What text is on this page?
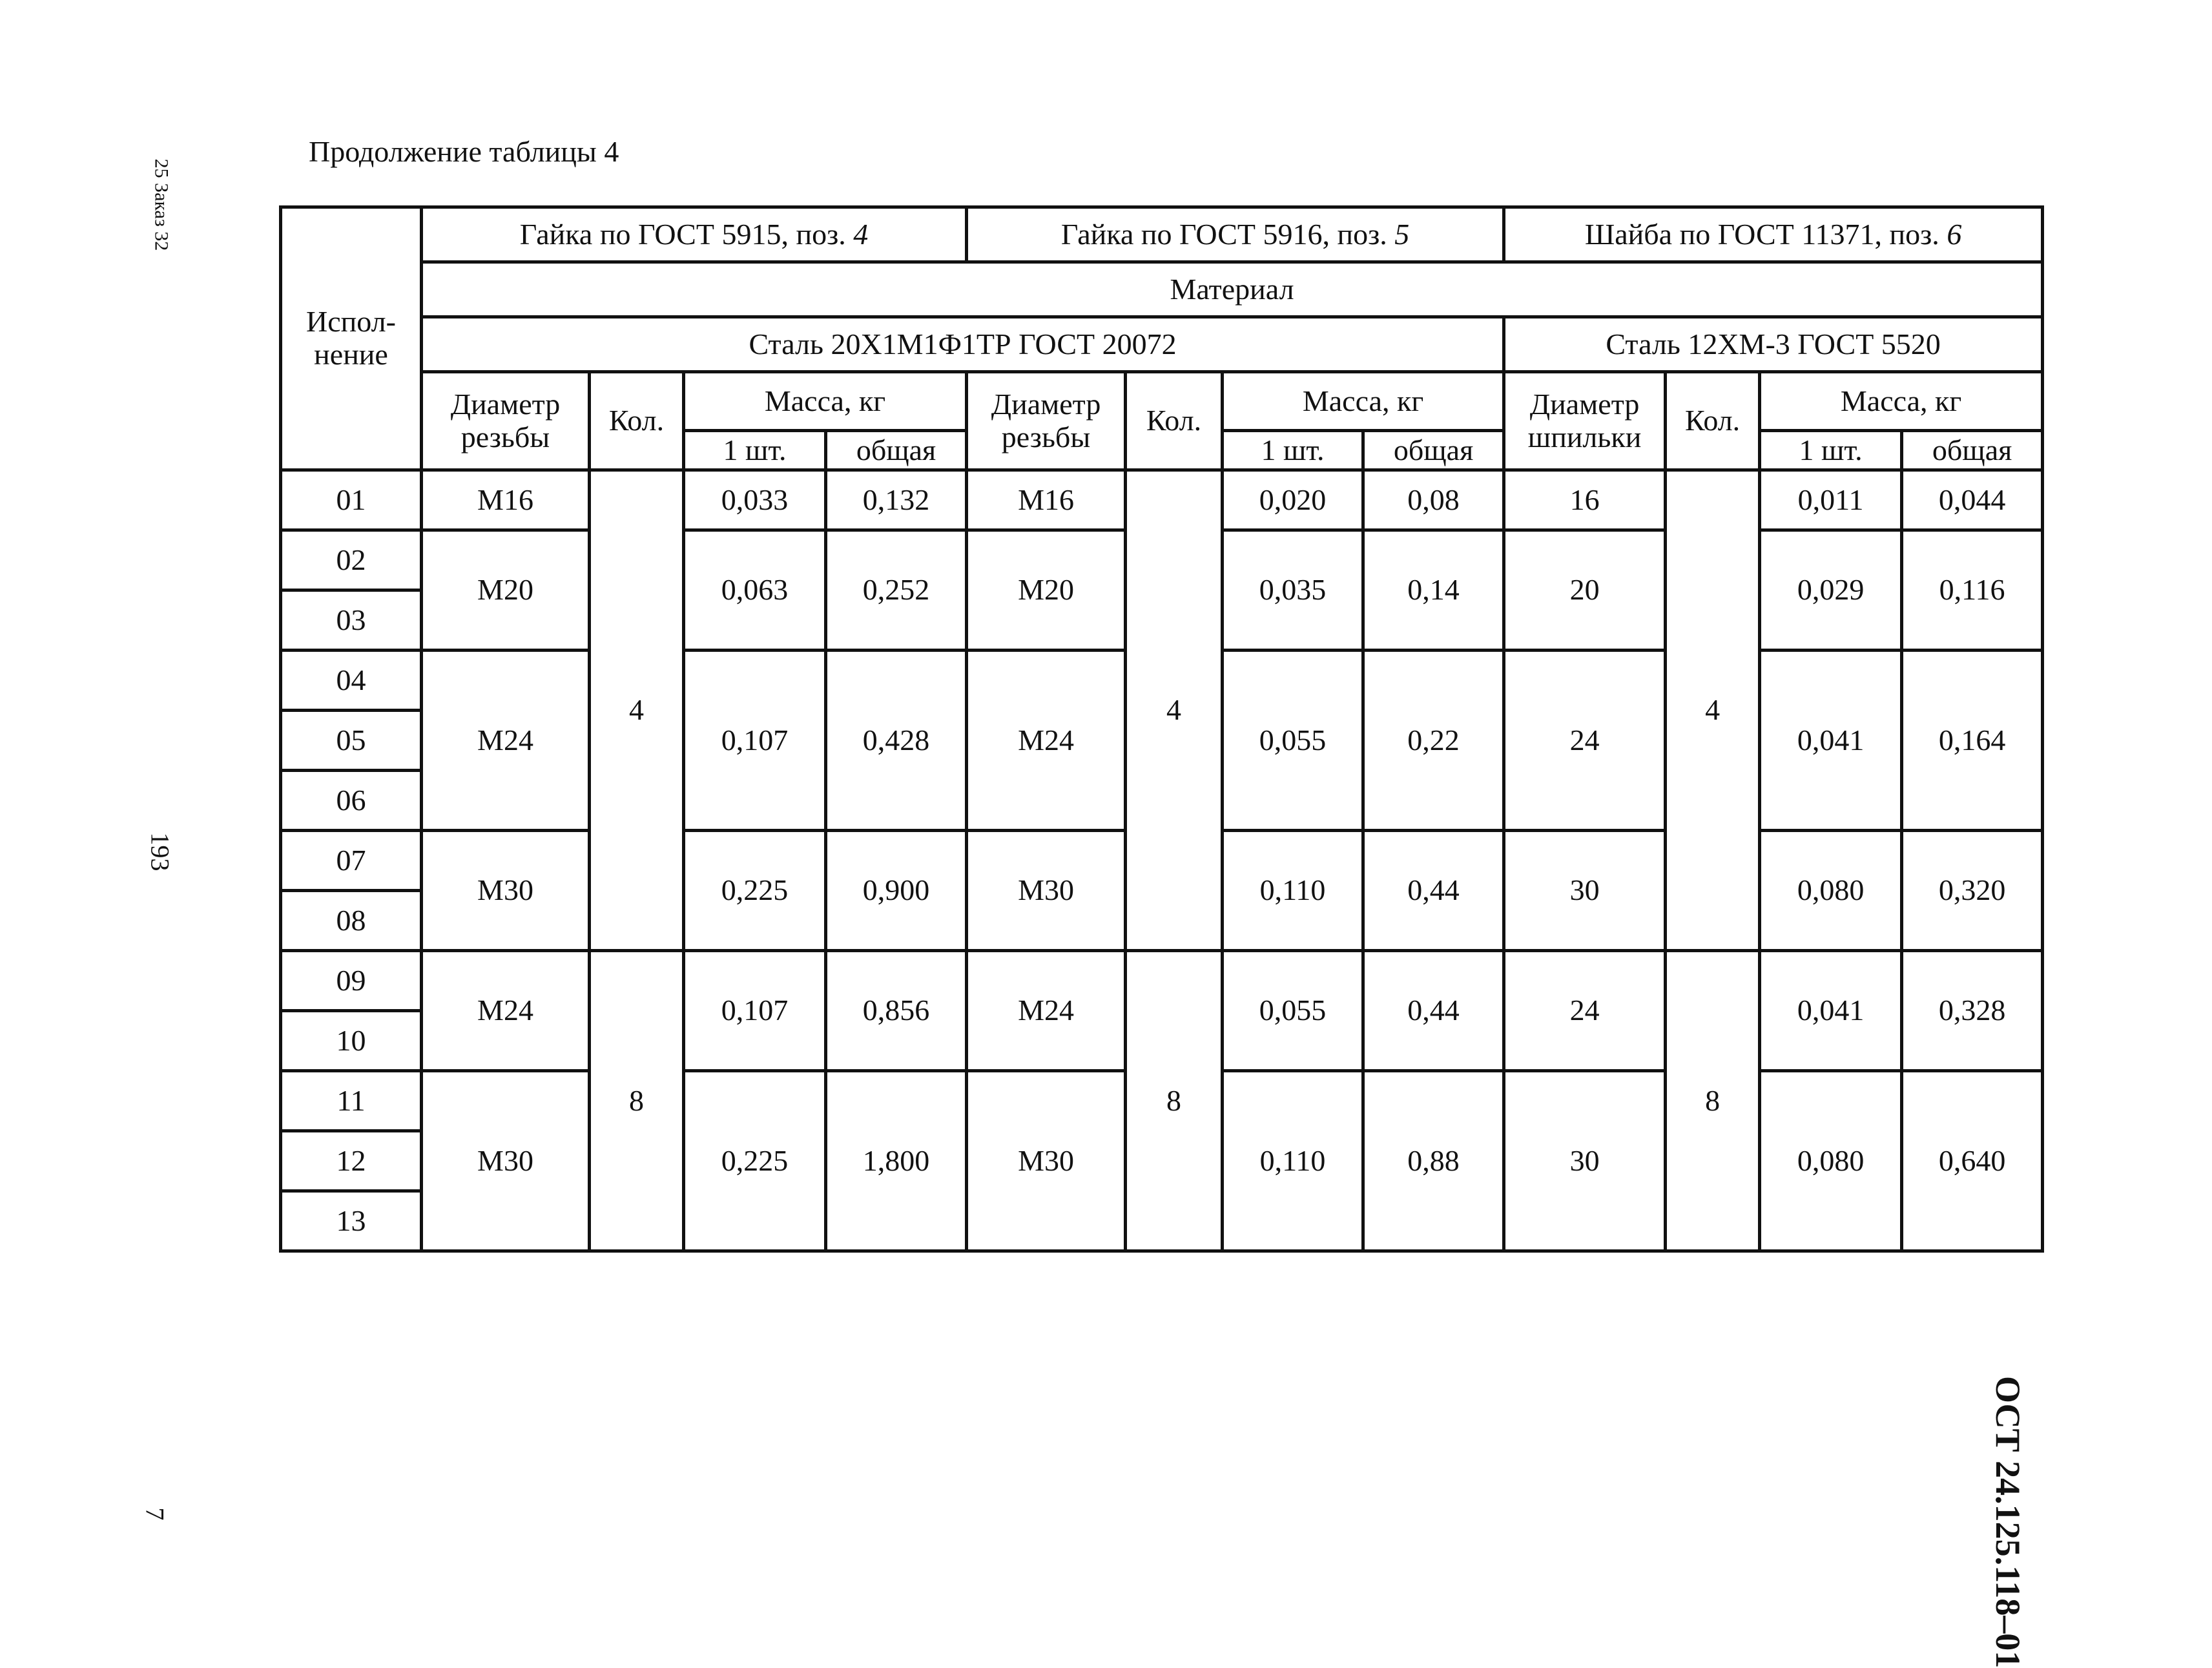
Продолжение таблицы 4
25 Заказ 32
193
7	ОСТ 24.125.118–01
Испол-нение	Гайка по ГОСТ 5915, поз. 4				Гайка по ГОСТ 5916, поз. 5				Шайба по ГОСТ 11371, поз. 6			
	Материал											
	Сталь 20Х1М1Ф1ТР ГОСТ 20072								Сталь 12ХМ-3 ГОСТ 5520			
	Диаметр резьбы	Кол.	Масса, кг		Диаметр резьбы	Кол.	Масса, кг		Диаметр шпильки	Кол.	Масса, кг	
			1 шт.	общая			1 шт.	общая			1 шт.	общая
01	М16	4	0,033	0,132	М16	4	0,020	0,08	16	4	0,011	0,044
02	М20		0,063	0,252	М20		0,035	0,14	20		0,029	0,116
03												
04	М24		0,107	0,428	М24		0,055	0,22	24		0,041	0,164
05												
06												
07	М30		0,225	0,900	М30		0,110	0,44	30		0,080	0,320
08												
09	М24	8	0,107	0,856	М24	8	0,055	0,44	24	8	0,041	0,328
10												
11	М30		0,225	1,800	М30		0,110	0,88	30		0,080	0,640
12												
13												
